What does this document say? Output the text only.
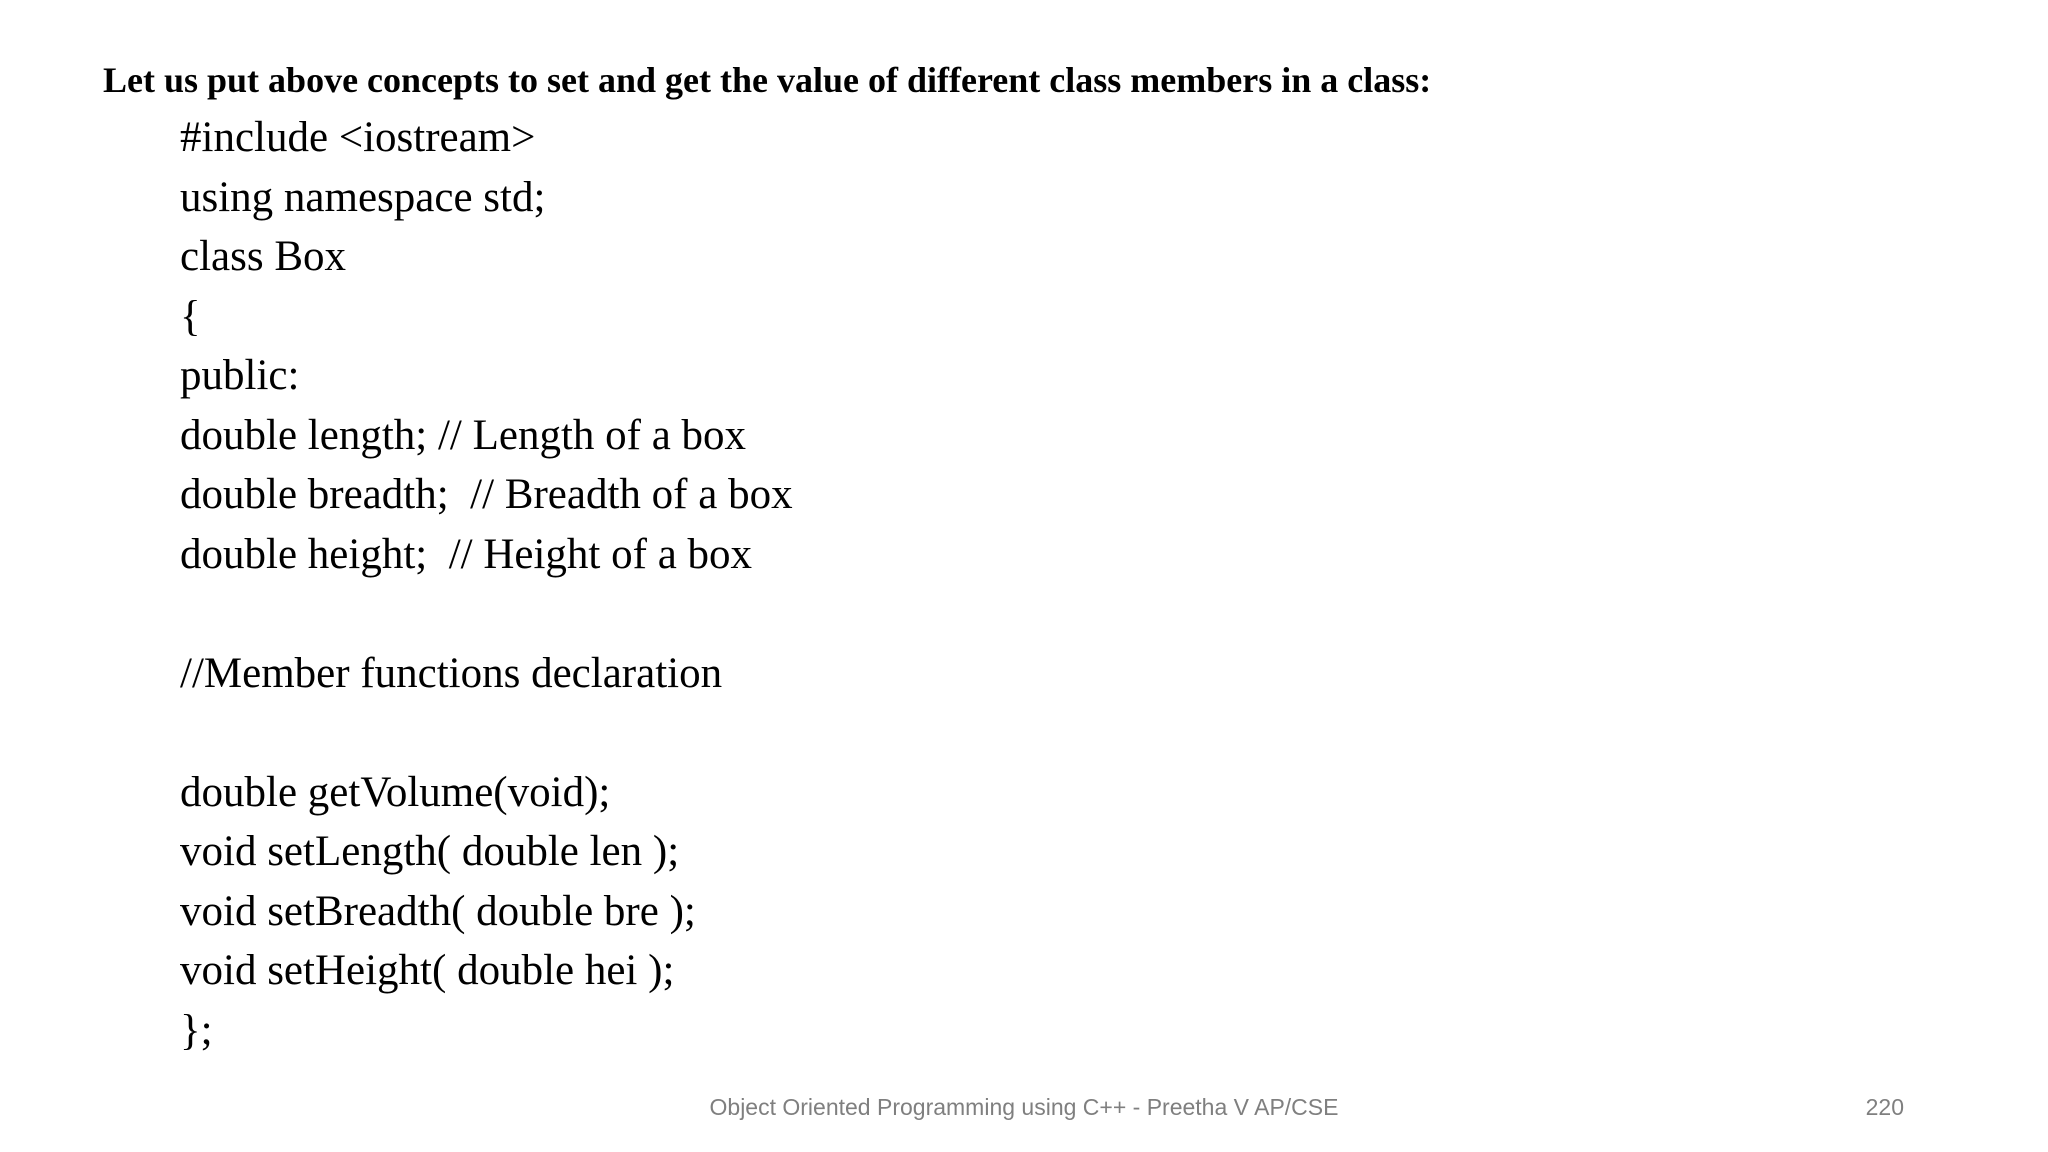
Let us put above concepts to set and get the value of different class members in a class:
#include <iostream>
using namespace std;
class Box
{
public:
double length; // Length of a box
double breadth;  // Breadth of a box
double height;  // Height of a box
//Member functions declaration
double getVolume(void);
void setLength( double len );
void setBreadth( double bre );
void setHeight( double hei );
};
Object Oriented Programming using C++ - Preetha V AP/CSE	220
